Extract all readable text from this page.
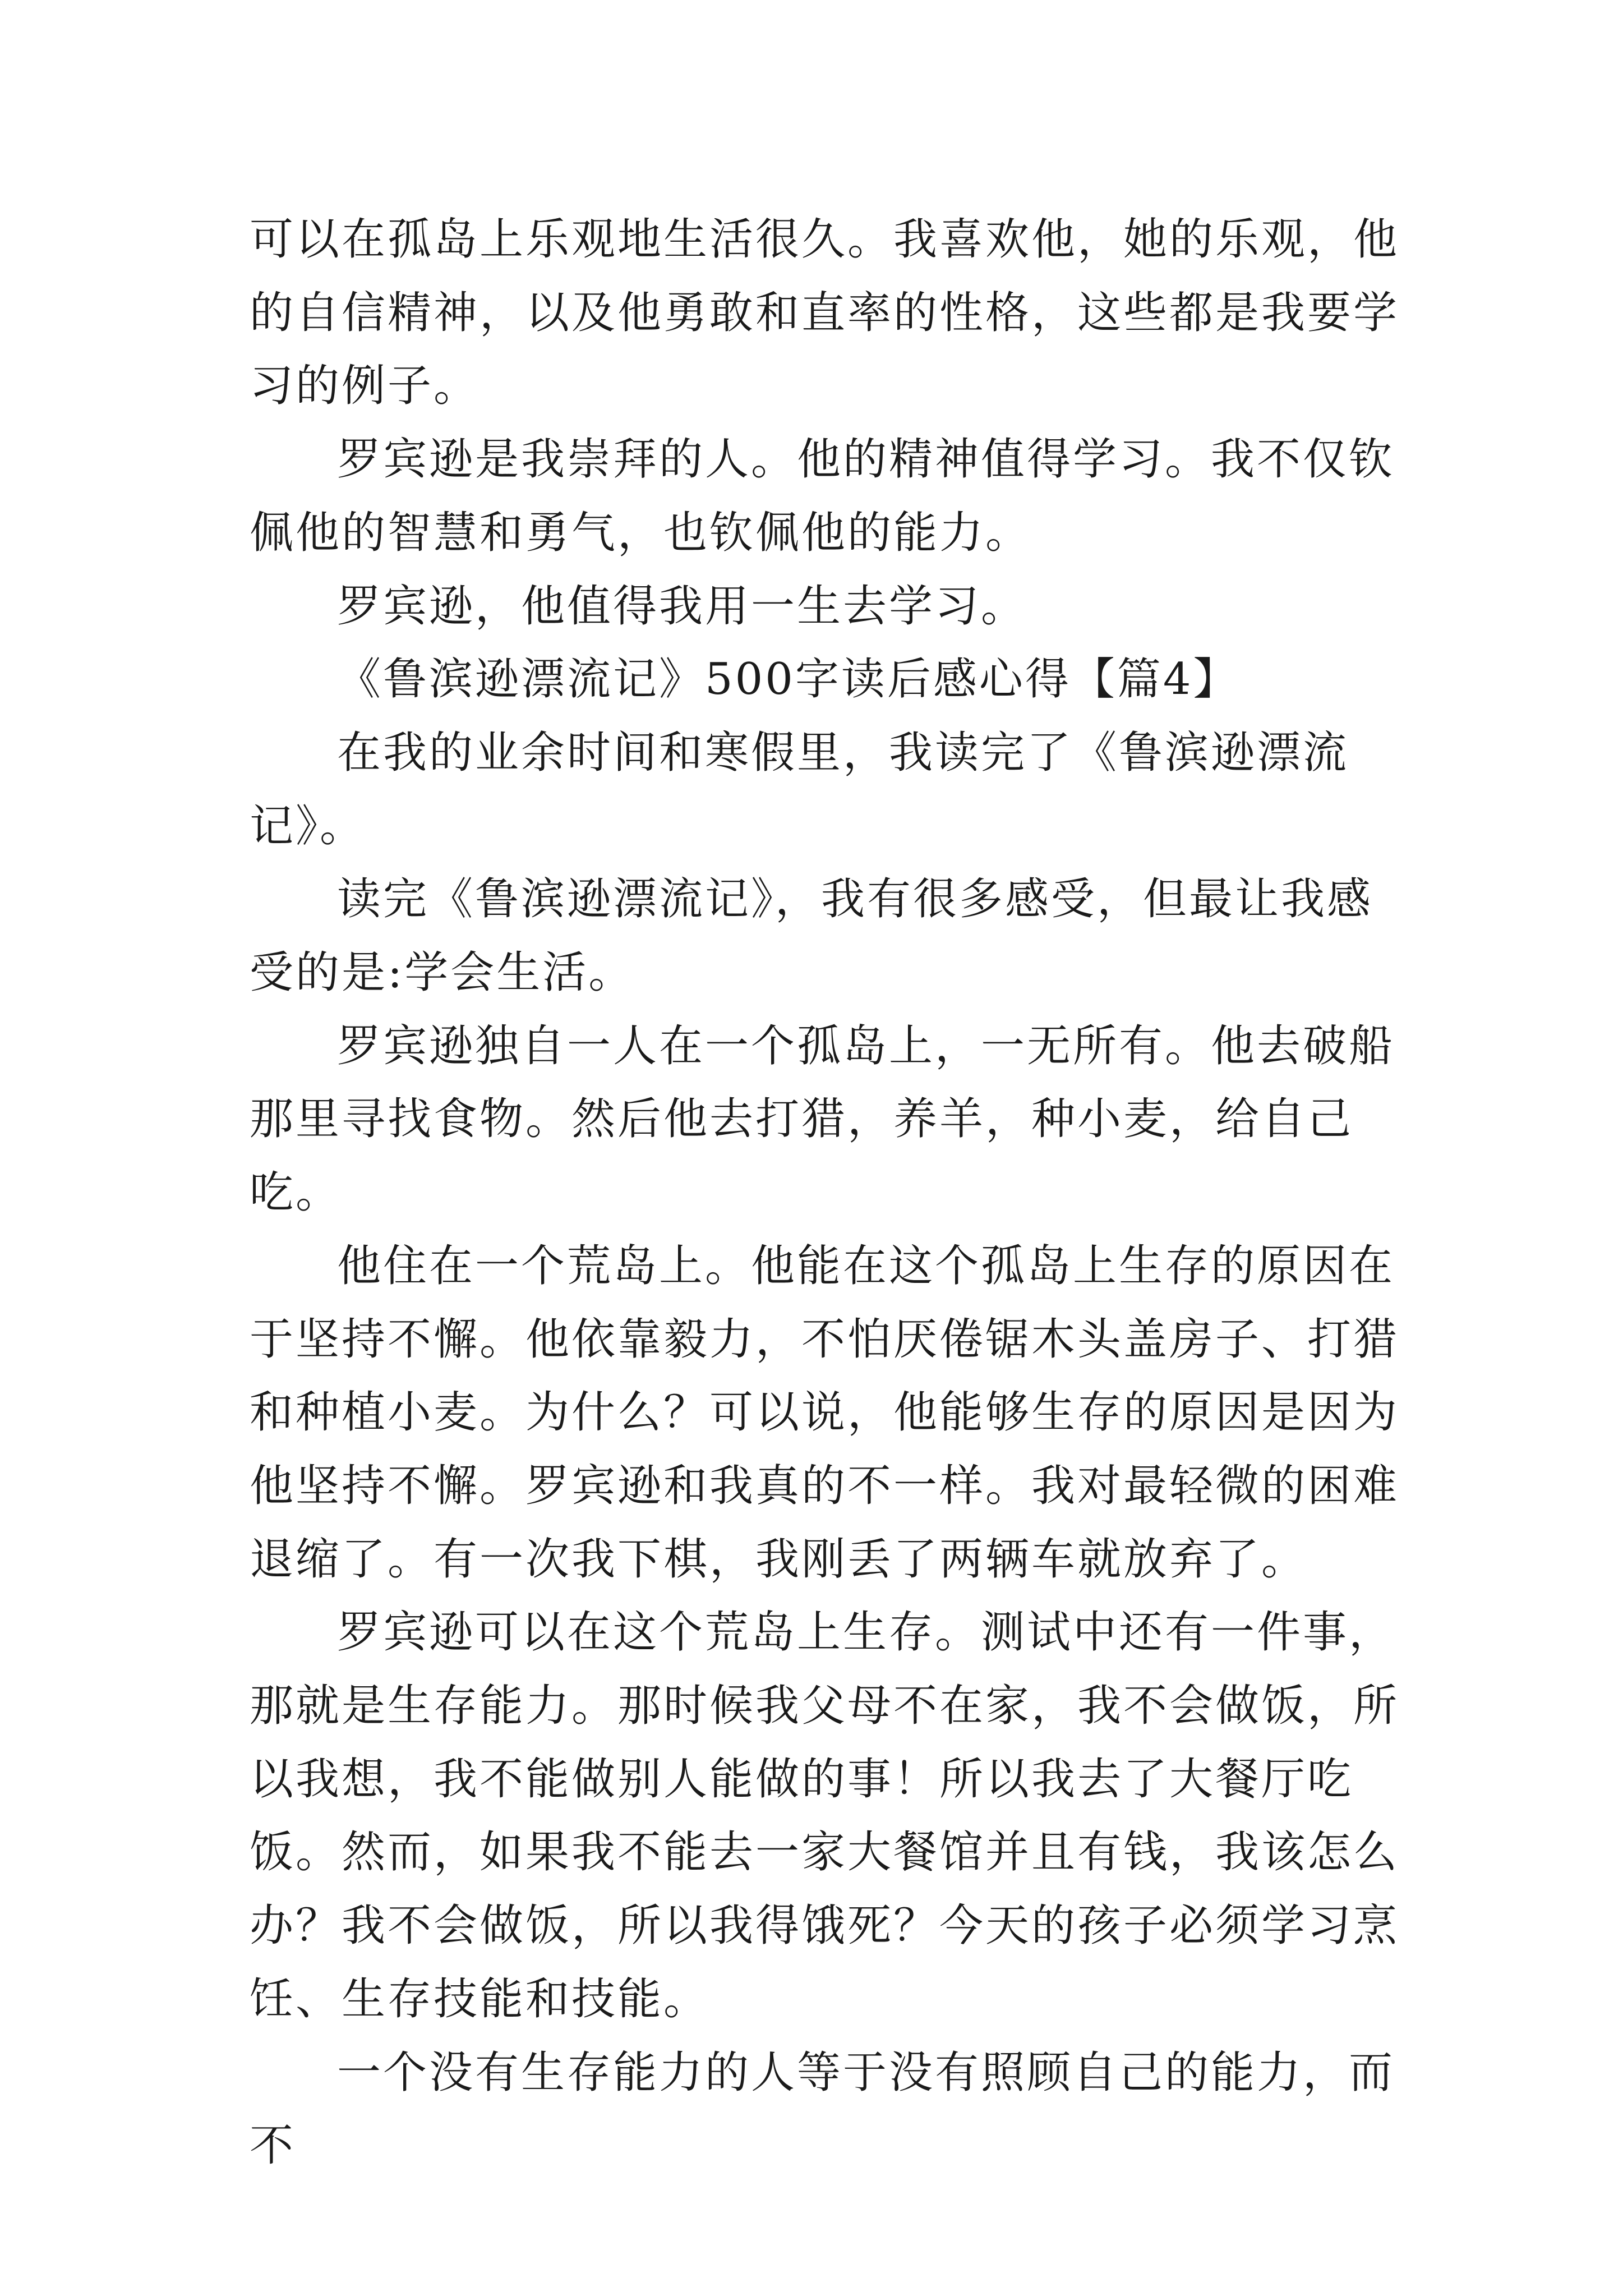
可以在孤岛上乐观地生活很久。我喜欢他，她的乐观，他的自信精神，以及他勇敢和直率的性格，这些都是我要学习的例子。

罗宾逊是我崇拜的人。他的精神值得学习。我不仅钦佩他的智慧和勇气，也钦佩他的能力。

罗宾逊，他值得我用一生去学习。

《鲁滨逊漂流记》500字读后感心得【篇4】

在我的业余时间和寒假里，我读完了《鲁滨逊漂流记》。

读完《鲁滨逊漂流记》，我有很多感受，但最让我感受的是:学会生活。

罗宾逊独自一人在一个孤岛上，一无所有。他去破船那里寻找食物。然后他去打猎，养羊，种小麦，给自己吃。

他住在一个荒岛上。他能在这个孤岛上生存的原因在于坚持不懈。他依靠毅力，不怕厌倦锯木头盖房子、打猎和种植小麦。为什么？可以说，他能够生存的原因是因为他坚持不懈。罗宾逊和我真的不一样。我对最轻微的困难退缩了。有一次我下棋，我刚丢了两辆车就放弃了。

罗宾逊可以在这个荒岛上生存。测试中还有一件事，那就是生存能力。那时候我父母不在家，我不会做饭，所以我想，我不能做别人能做的事！所以我去了大餐厅吃饭。然而，如果我不能去一家大餐馆并且有钱，我该怎么办？我不会做饭，所以我得饿死？今天的孩子必须学习烹饪、生存技能和技能。

一个没有生存能力的人等于没有照顾自己的能力，而不
